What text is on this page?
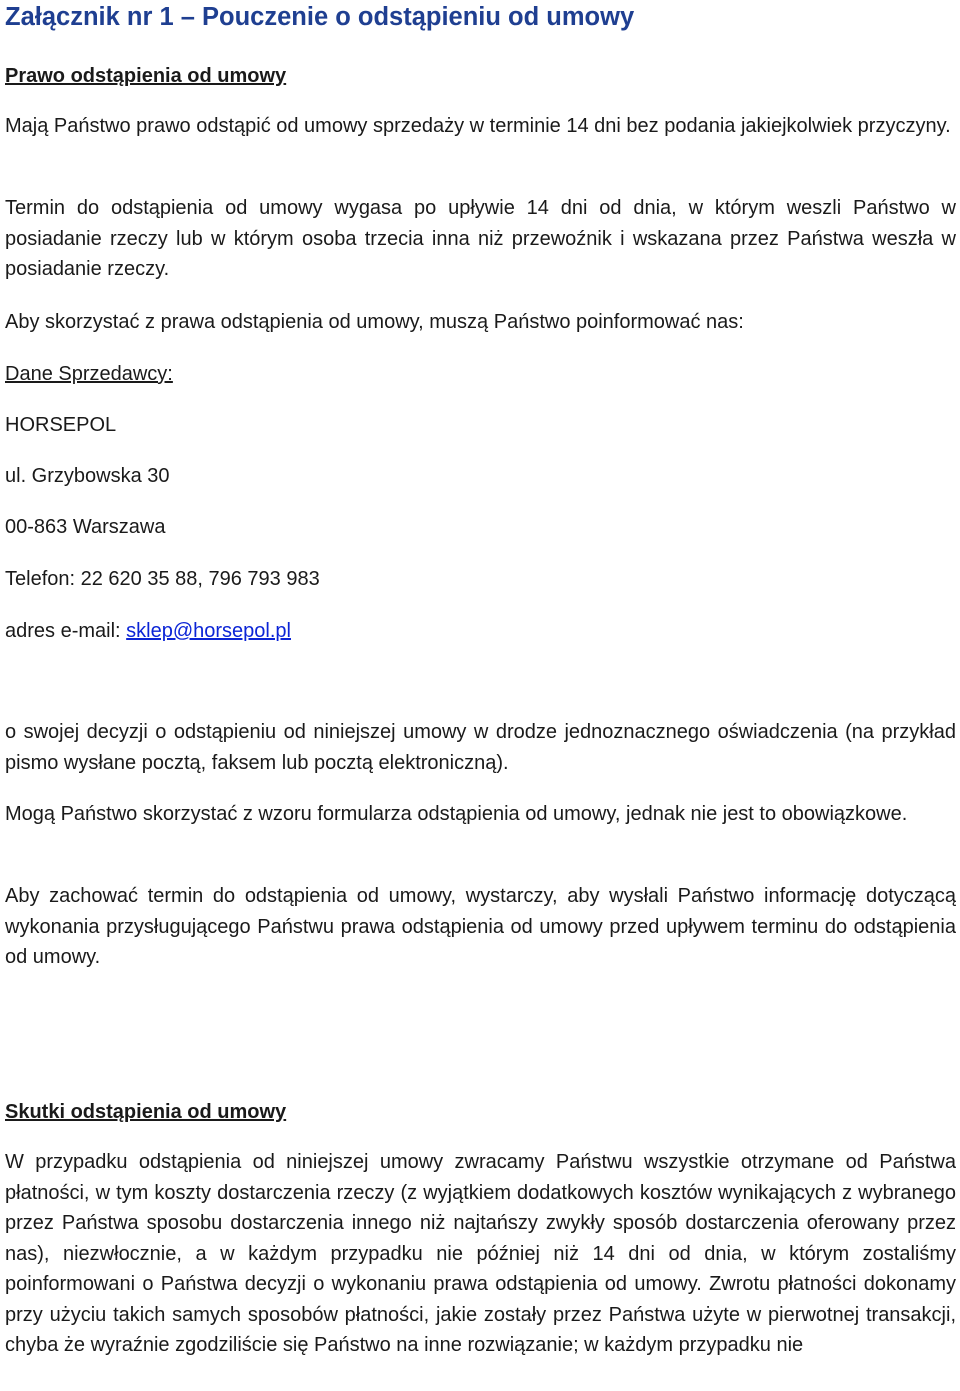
Załącznik nr 1 – Pouczenie o odstąpieniu od umowy
Prawo odstąpienia od umowy

Mają Państwo prawo odstąpić od umowy sprzedaży w terminie 14 dni bez podania jakiejkolwiek przyczyny.

Termin do odstąpienia od umowy wygasa po upływie 14 dni od dnia, w którym weszli Państwo w posiadanie rzeczy lub w którym osoba trzecia inna niż przewoźnik i wskazana przez Państwa weszła w posiadanie rzeczy.

Aby skorzystać z prawa odstąpienia od umowy, muszą Państwo poinformować nas:

Dane Sprzedawcy:

HORSEPOL

ul. Grzybowska 30

00-863 Warszawa

Telefon: 22 620 35 88, 796 793 983

adres e-mail: sklep@horsepol.pl

o swojej decyzji o odstąpieniu od niniejszej umowy w drodze jednoznacznego oświadczenia (na przykład pismo wysłane pocztą, faksem lub pocztą elektroniczną).

Mogą Państwo skorzystać z wzoru formularza odstąpienia od umowy, jednak nie jest to obowiązkowe.

Aby zachować termin do odstąpienia od umowy, wystarczy, aby wysłali Państwo informację dotyczącą wykonania przysługującego Państwu prawa odstąpienia od umowy przed upływem terminu do odstąpienia od umowy.

Skutki odstąpienia od umowy

W przypadku odstąpienia od niniejszej umowy zwracamy Państwu wszystkie otrzymane od Państwa płatności, w tym koszty dostarczenia rzeczy (z wyjątkiem dodatkowych kosztów wynikających z wybranego przez Państwa sposobu dostarczenia innego niż najtańszy zwykły sposób dostarczenia oferowany przez nas), niezwłocznie, a w każdym przypadku nie później niż 14 dni od dnia, w którym zostaliśmy poinformowani o Państwa decyzji o wykonaniu prawa odstąpienia od umowy. Zwrotu płatności dokonamy przy użyciu takich samych sposobów płatności, jakie zostały przez Państwa użyte w pierwotnej transakcji, chyba że wyraźnie zgodziliście się Państwo na inne rozwiązanie; w każdym przypadku nie
